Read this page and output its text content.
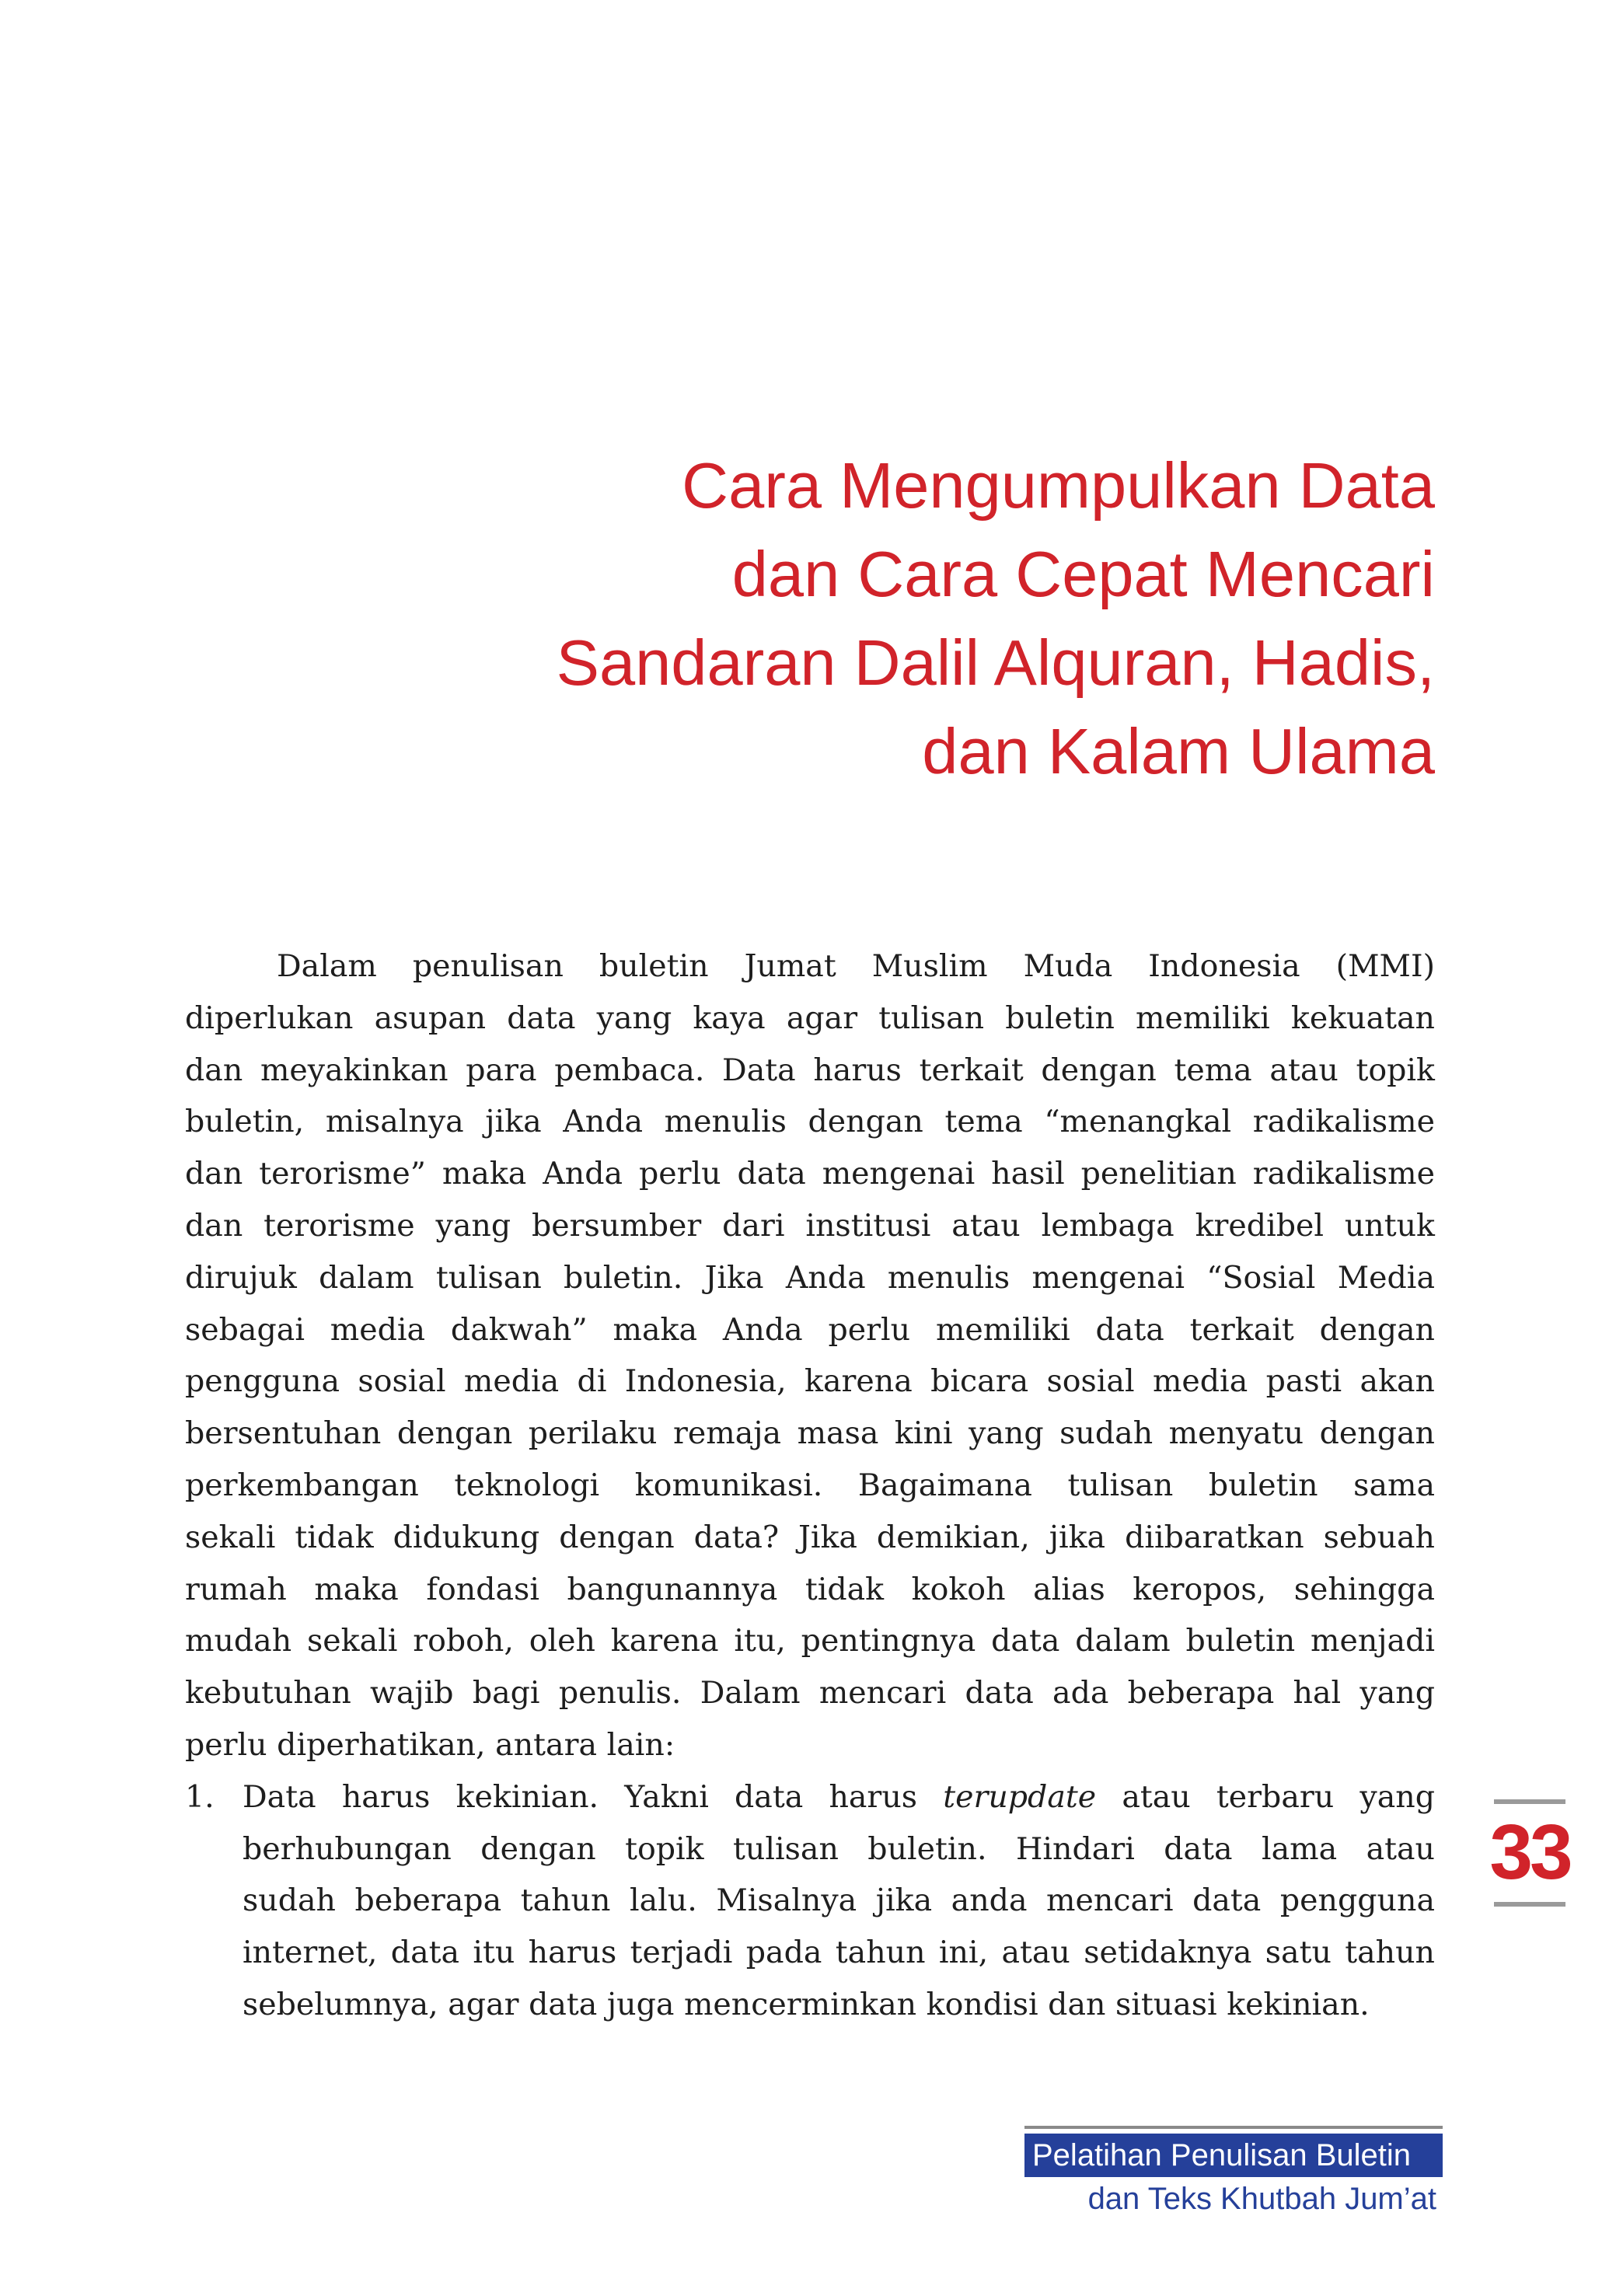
Cara Mengumpulkan Data
dan Cara Cepat Mencari
Sandaran Dalil Alquran, Hadis,
dan Kalam Ulama

Dalam penulisan buletin Jumat Muslim Muda Indonesia (MMI)
diperlukan asupan data yang kaya agar tulisan buletin memiliki kekuatan
dan meyakinkan para pembaca. Data harus terkait dengan tema atau topik
buletin, misalnya jika Anda menulis dengan tema “menangkal radikalisme
dan terorisme” maka Anda perlu data mengenai hasil penelitian radikalisme
dan terorisme yang bersumber dari institusi atau lembaga kredibel untuk
dirujuk dalam tulisan buletin. Jika Anda menulis mengenai “Sosial Media
sebagai media dakwah” maka Anda perlu memiliki data terkait dengan
pengguna sosial media di Indonesia, karena bicara sosial media pasti akan
bersentuhan dengan perilaku remaja masa kini yang sudah menyatu dengan
perkembangan teknologi komunikasi. Bagaimana tulisan buletin sama
sekali tidak didukung dengan data? Jika demikian, jika diibaratkan sebuah
rumah maka fondasi bangunannya tidak kokoh alias keropos, sehingga
mudah sekali roboh, oleh karena itu, pentingnya data dalam buletin menjadi
kebutuhan wajib bagi penulis. Dalam mencari data ada beberapa hal yang
perlu diperhatikan, antara lain:

1. Data harus kekinian. Yakni data harus terupdate atau terbaru yang
berhubungan dengan topik tulisan buletin. Hindari data lama atau
sudah beberapa tahun lalu. Misalnya jika anda mencari data pengguna
internet, data itu harus terjadi pada tahun ini, atau setidaknya satu tahun
sebelumnya, agar data juga mencerminkan kondisi dan situasi kekinian.
33
Pelatihan Penulisan Buletin
dan Teks Khutbah Jum’at
